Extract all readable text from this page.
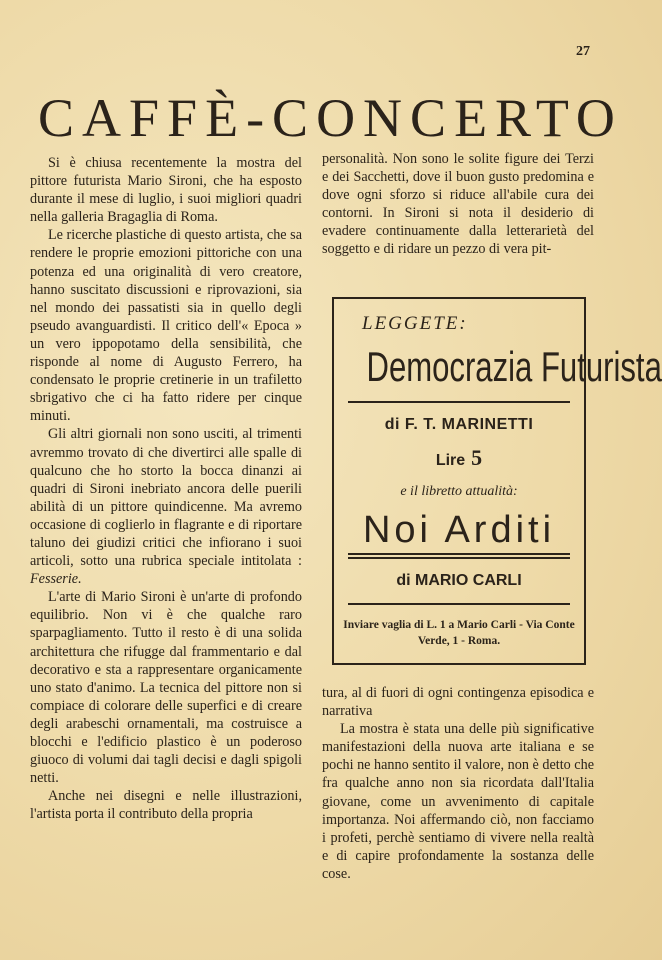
27
CAFFÈ-CONCERTO

Si è chiusa recentemente la mostra del pittore futurista Mario Sironi, che ha esposto durante il mese di luglio, i suoi migliori quadri nella galleria Bragaglia di Roma.

Le ricerche plastiche di questo artista, che sa rendere le proprie emozioni pittoriche con una potenza ed una originalità di vero creatore, hanno suscitato discussioni e riprovazioni, sia nel mondo dei passatisti sia in quello degli pseudo avanguardisti. Il critico dell'« Epoca » un vero ippopotamo della sensibilità, che risponde al nome di Augusto Ferrero, ha condensato le proprie cretinerie in un trafiletto sbrigativo che ci ha fatto ridere per cinque minuti.

Gli altri giornali non sono usciti, al trimenti avremmo trovato di che divertirci alle spalle di qualcuno che ho storto la bocca dinanzi ai quadri di Sironi inebriato ancora delle puerili abilità di un pittore quindicenne. Ma avremo occasione di coglierlo in flagrante e di riportare taluno dei giudizi critici che infiorano i suoi articoli, sotto una rubrica speciale intitolata : Fesserie.

L'arte di Mario Sironi è un'arte di profondo equilibrio. Non vi è che qualche raro sparpagliamento. Tutto il resto è di una solida architettura che rifugge dal frammentario e dal decorativo e sta a rappresentare organicamente uno stato d'animo. La tecnica del pittore non si compiace di colorare delle superfici e di creare degli arabeschi ornamentali, ma costruisce a blocchi e l'edificio plastico è un poderoso giuoco di volumi dai tagli decisi e dagli spigoli netti.

Anche nei disegni e nelle illustrazioni, l'artista porta il contributo della propria

personalità. Non sono le solite figure dei Terzi e dei Sacchetti, dove il buon gusto predomina e dove ogni sforzo si riduce all'abile cura dei contorni. In Sironi si nota il desiderio di evadere continuamente dalla letterarietà del soggetto e di ridare un pezzo di vera pit-

LEGGETE:
Democrazia Futurista
di F. T. MARINETTI
Lire 5
e il libretto attualità:
Noi Arditi
di MARIO CARLI
Inviare vaglia di L. 1 a Mario Carli - Via Conte Verde, 1 - Roma.

tura, al di fuori di ogni contingenza episodica e narrativa

La mostra è stata una delle più significative manifestazioni della nuova arte italiana e se pochi ne hanno sentito il valore, non è detto che fra qualche anno non sia ricordata dall'Italia giovane, come un avvenimento di capitale importanza. Noi affermando ciò, non facciamo i profeti, perchè sentiamo di vivere nella realtà e di capire profondamente la sostanza delle cose.
